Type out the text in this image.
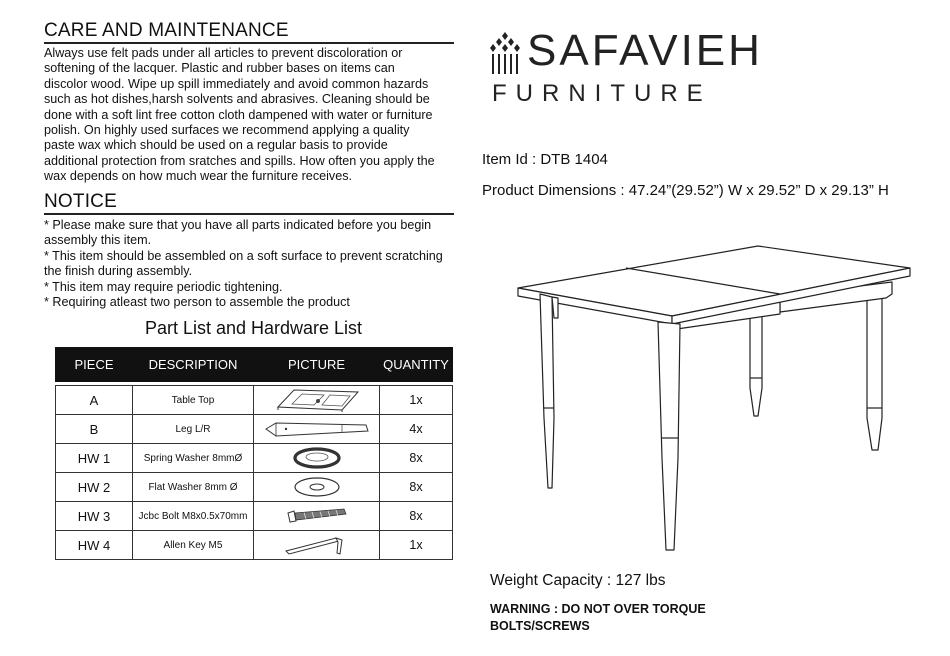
CARE AND MAINTENANCE
Always use felt pads under all articles to prevent discoloration or
softening of the lacquer. Plastic and rubber bases on items can
discolor wood. Wipe up spill immediately and avoid common hazards
such as hot dishes,harsh solvents and abrasives. Cleaning should be
done with a soft lint free cotton cloth dampened with water or furniture
polish. On highly used surfaces we recommend applying a quality
paste wax which should be used on a regular basis to provide
additional protection from sratches and spills. How often you apply the
wax depends on how much wear the furniture receives.
NOTICE
* Please make sure that you have all parts indicated before you begin
assembly this item.
* This item should be assembled on a soft surface to prevent scratching
the finish during assembly.
* This item may require periodic tightening.
* Requiring atleast two person to assemble the product
Part List and Hardware List
PIECE	DESCRIPTION	PICTURE	QUANTITY

A	Table Top		1x
B	Leg L/R		4x
HW 1	Spring Washer 8mmØ		8x
HW 2	Flat Washer 8mm Ø		8x
HW 3	Jcbc Bolt M8x0.5x70mm		8x
HW 4	Allen Key M5		1x
SAFAVIEH
FURNITURE
Item Id : DTB 1404
Product Dimensions : 47.24”(29.52”) W x 29.52” D x 29.13” H
Weight Capacity : 127 lbs
WARNING : DO NOT OVER TORQUE
BOLTS/SCREWS
